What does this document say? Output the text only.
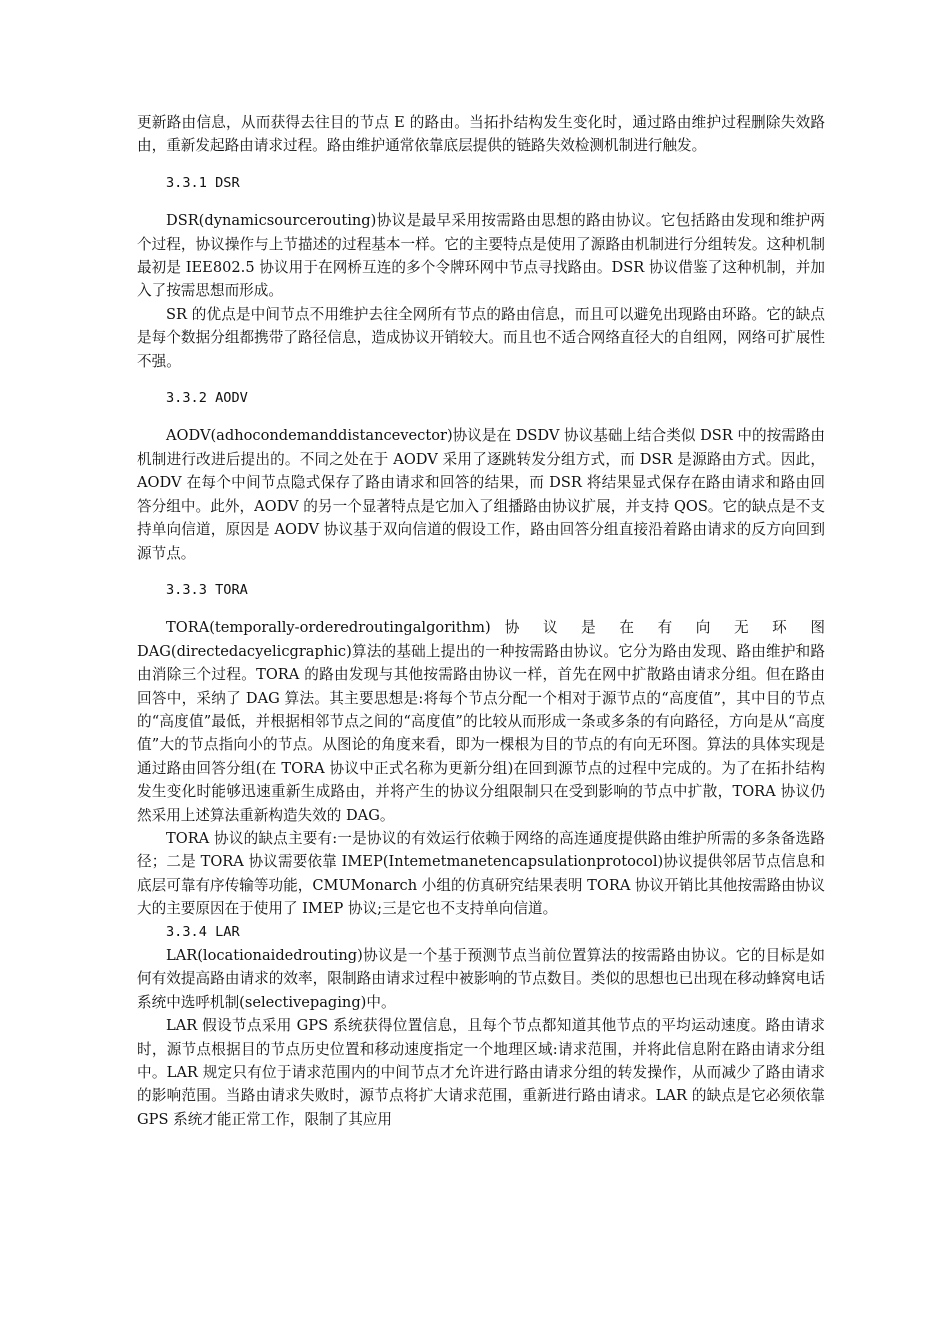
更新路由信息，从而获得去往目的节点 E 的路由。当拓扑结构发生变化时，通过路由维护过程删除失效路由，重新发起路由请求过程。路由维护通常依靠底层提供的链路失效检测机制进行触发。

3.3.1 DSR

DSR(dynamicsourcerouting)协议是最早采用按需路由思想的路由协议。它包括路由发现和维护两个过程，协议操作与上节描述的过程基本一样。它的主要特点是使用了源路由机制进行分组转发。这种机制最初是 IEE802.5 协议用于在网桥互连的多个令牌环网中节点寻找路由。DSR 协议借鉴了这种机制，并加入了按需思想而形成。

SR 的优点是中间节点不用维护去往全网所有节点的路由信息，而且可以避免出现路由环路。它的缺点是每个数据分组都携带了路径信息，造成协议开销较大。而且也不适合网络直径大的自组网，网络可扩展性不强。

3.3.2 AODV

AODV(adhocondemanddistancevector)协议是在 DSDV 协议基础上结合类似 DSR 中的按需路由机制进行改进后提出的。不同之处在于 AODV 采用了逐跳转发分组方式，而 DSR 是源路由方式。因此，AODV 在每个中间节点隐式保存了路由请求和回答的结果，而 DSR 将结果显式保存在路由请求和路由回答分组中。此外，AODV 的另一个显著特点是它加入了组播路由协议扩展，并支持 QOS。它的缺点是不支持单向信道，原因是 AODV 协议基于双向信道的假设工作，路由回答分组直接沿着路由请求的反方向回到源节点。

3.3.3 TORA

TORA(temporally-orderedroutingalgorithm) 协 议 是 在 有 向 无 环 图

DAG(directedacyelicgraphic)算法的基础上提出的一种按需路由协议。它分为路由发现、路由维护和路由消除三个过程。TORA 的路由发现与其他按需路由协议一样，首先在网中扩散路由请求分组。但在路由回答中，采纳了 DAG 算法。其主要思想是:将每个节点分配一个相对于源节点的“高度值”，其中目的节点的“高度值”最低，并根据相邻节点之间的“高度值”的比较从而形成一条或多条的有向路径，方向是从“高度值”大的节点指向小的节点。从图论的角度来看，即为一棵根为目的节点的有向无环图。算法的具体实现是通过路由回答分组(在 TORA 协议中正式名称为更新分组)在回到源节点的过程中完成的。为了在拓扑结构发生变化时能够迅速重新生成路由，并将产生的协议分组限制只在受到影响的节点中扩散，TORA 协议仍然采用上述算法重新构造失效的 DAG。

TORA 协议的缺点主要有:一是协议的有效运行依赖于网络的高连通度提供路由维护所需的多条备选路径；二是 TORA 协议需要依靠 IMEP(Intemetmanetencapsulationprotocol)协议提供邻居节点信息和底层可靠有序传输等功能，CMUMonarch 小组的仿真研究结果表明 TORA 协议开销比其他按需路由协议大的主要原因在于使用了 IMEP 协议;三是它也不支持单向信道。

3.3.4 LAR

LAR(locationaidedrouting)协议是一个基于预测节点当前位置算法的按需路由协议。它的目标是如何有效提高路由请求的效率，限制路由请求过程中被影响的节点数目。类似的思想也已出现在移动蜂窝电话系统中选呼机制(selectivepaging)中。

LAR 假设节点采用 GPS 系统获得位置信息，且每个节点都知道其他节点的平均运动速度。路由请求时，源节点根据目的节点历史位置和移动速度指定一个地理区域:请求范围，并将此信息附在路由请求分组中。LAR 规定只有位于请求范围内的中间节点才允许进行路由请求分组的转发操作，从而减少了路由请求的影响范围。当路由请求失败时，源节点将扩大请求范围，重新进行路由请求。LAR 的缺点是它必须依靠 GPS 系统才能正常工作，限制了其应用
